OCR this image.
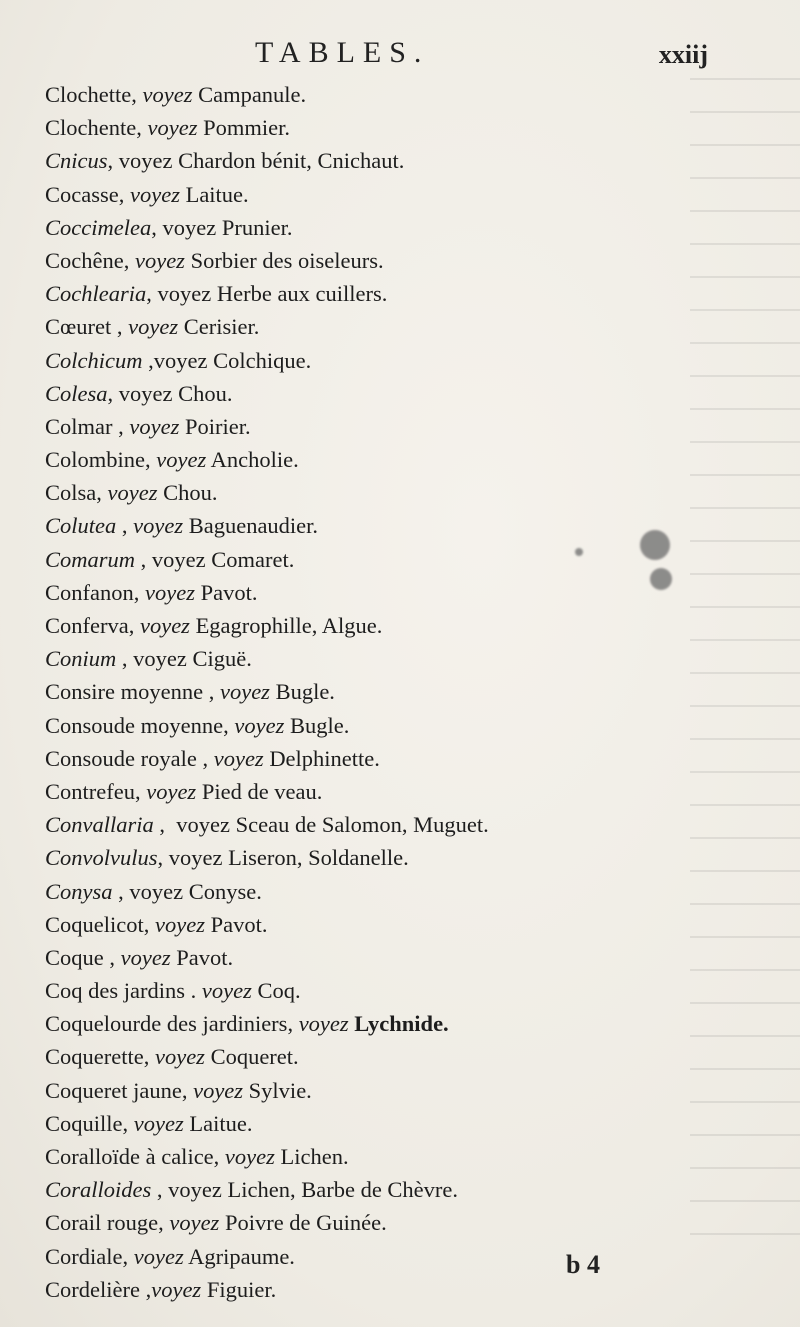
TABLES.	xxiij
Clochette, voyez Campanule.
Clochente, voyez Pommier.
Cnicus, voyez Chardon bénit, Cnichaut.
Cocasse, voyez Laitue.
Coccimelea, voyez Prunier.
Cochêne, voyez Sorbier des oiseleurs.
Cochlearia, voyez Herbe aux cuillers.
Cœuret , voyez Cerisier.
Colchicum ,voyez Colchique.
Colesa, voyez Chou.
Colmar , voyez Poirier.
Colombine, voyez Ancholie.
Colsa, voyez Chou.
Colutea , voyez Baguenaudier.
Comarum , voyez Comaret.
Confanon, voyez Pavot.
Conferva, voyez Egagrophille, Algue.
Conium , voyez Ciguë.
Consire moyenne , voyez Bugle.
Consoude moyenne, voyez Bugle.
Consoude royale , voyez Delphinette.
Contrefeu, voyez Pied de veau.
Convallaria ,  voyez Sceau de Salomon, Muguet.
Convolvulus, voyez Liseron, Soldanelle.
Conysa , voyez Conyse.
Coquelicot, voyez Pavot.
Coque , voyez Pavot.
Coq des jardins . voyez Coq.
Coquelourde des jardiniers, voyez Lychnide.
Coquerette, voyez Coqueret.
Coqueret jaune, voyez Sylvie.
Coquille, voyez Laitue.
Coralloïde à calice, voyez Lichen.
Coralloides , voyez Lichen, Barbe de Chèvre.
Corail rouge, voyez Poivre de Guinée.
Cordiale, voyez Agripaume.
Cordelière ,voyez Figuier.
b 4
